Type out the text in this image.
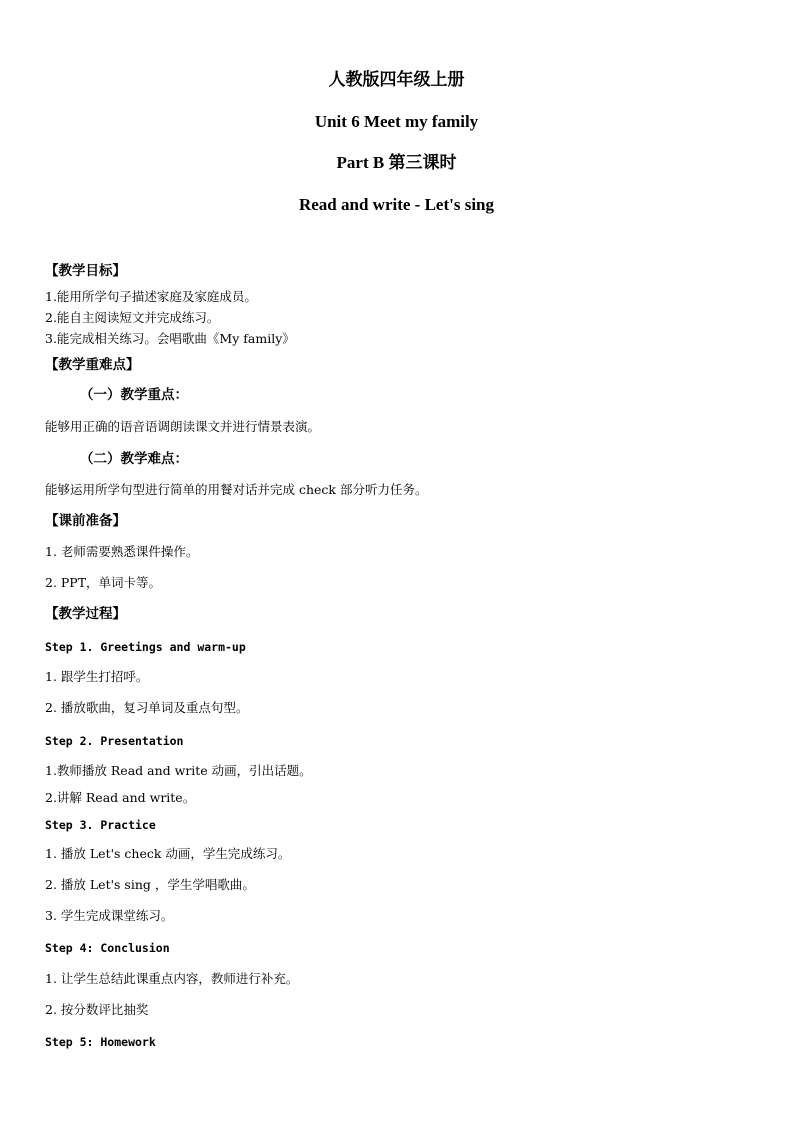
人教版四年级上册
Unit 6 Meet my family
Part B 第三课时
Read and write - Let's sing
【教学目标】
1.能用所学句子描述家庭及家庭成员。
2.能自主阅读短文并完成练习。
3.能完成相关练习。会唱歌曲《My family》
【教学重难点】
（一）教学重点：
能够用正确的语音语调朗读课文并进行情景表演。
（二）教学难点：
能够运用所学句型进行简单的用餐对话并完成 check 部分听力任务。
【课前准备】
1. 老师需要熟悉课件操作。
2. PPT，单词卡等。
【教学过程】
Step 1. Greetings and warm-up
1. 跟学生打招呼。
2. 播放歌曲，复习单词及重点句型。
Step 2. Presentation
1.教师播放 Read and write 动画，引出话题。
2.讲解 Read and write。
Step 3. Practice
1. 播放 Let's check 动画，学生完成练习。
2. 播放 Let's sing ，学生学唱歌曲。
3. 学生完成课堂练习。
Step 4: Conclusion
1. 让学生总结此课重点内容，教师进行补充。
2. 按分数评比抽奖
Step 5: Homework
